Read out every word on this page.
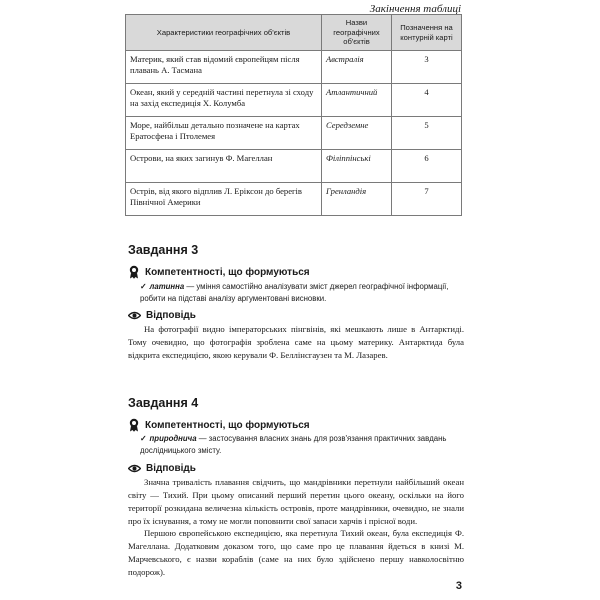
Закінчення таблиці
Характеристики географічних об'єктів	Назви географічних об'єктів	Позначення на контурній карті
Материк, який став відомий європейцям після плавань А. Тасмана	Австралія	3
Океан, який у середній частині перетнула зі сходу на захід експедиція Х. Колумба	Атлантичний	4
Море, найбільш детально позначене на картах Ератосфена і Птолемея	Середземне	5
Острови, на яких загинув Ф. Магеллан	Філіппінські	6
Острів, від якого відплив Л. Еріксон до берегів Північної Америки	Гренландія	7
Завдання 3
Компетентності, що формуються
✓ латинна — уміння самостійно аналізувати зміст джерел географічної інформації, робити на підставі аналізу аргументовані висновки.
Відповідь
На фотографії видно імператорських пінгвінів, які мешкають лише в Антарктиді. Тому очевидно, що фотографія зроблена саме на цьому материку. Антарктида була відкрита експедицією, якою керували Ф. Беллінсгаузен та М. Лазарев.
Завдання 4
Компетентності, що формуються
✓ природнича — застосування власних знань для розв'язання практичних завдань дослідницького змісту.
Відповідь
Значна тривалість плавання свідчить, що мандрівники перетнули найбільший океан світу — Тихий. При цьому описаний перший перетин цього океану, оскільки на його території розкидана величезна кількість островів, проте мандрівники, очевидно, не знали про їх існування, а тому не могли поповнити свої запаси харчів і прісної води.
Першою європейською експедицією, яка перетнула Тихий океан, була експедиція Ф. Магеллана. Додатковим доказом того, що саме про це плавання йдеться в книзі М. Марчевського, є назви кораблів (саме на них було здійснено першу навколосвітню подорож).
3
